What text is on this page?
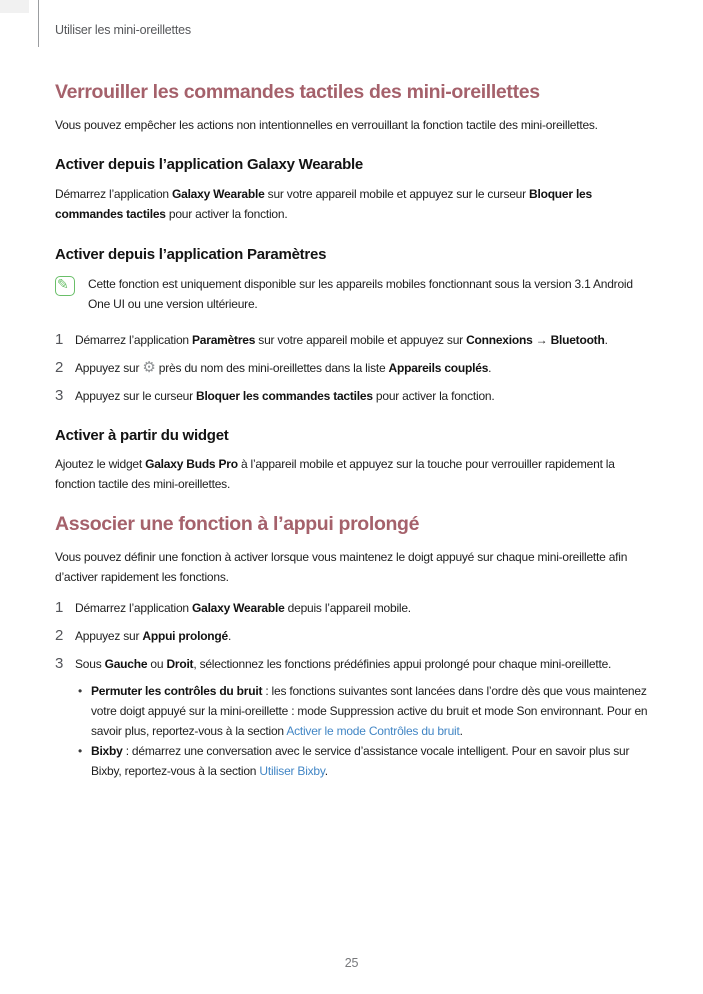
Utiliser les mini-oreillettes
Verrouiller les commandes tactiles des mini-oreillettes

Vous pouvez empêcher les actions non intentionnelles en verrouillant la fonction tactile des mini-oreillettes.

Activer depuis l’application Galaxy Wearable

Démarrez l’application Galaxy Wearable sur votre appareil mobile et appuyez sur le curseur Bloquer les commandes tactiles pour activer la fonction.

Activer depuis l’application Paramètres
✎
Cette fonction est uniquement disponible sur les appareils mobiles fonctionnant sous la version 3.1 Android One UI ou une version ultérieure.
1 Démarrez l’application Paramètres sur votre appareil mobile et appuyez sur Connexions → Bluetooth.
2 Appuyez sur ⚙ près du nom des mini-oreillettes dans la liste Appareils couplés.
3 Appuyez sur le curseur Bloquer les commandes tactiles pour activer la fonction.
Activer à partir du widget

Ajoutez le widget Galaxy Buds Pro à l’appareil mobile et appuyez sur la touche pour verrouiller rapidement la fonction tactile des mini-oreillettes.

Associer une fonction à l’appui prolongé

Vous pouvez définir une fonction à activer lorsque vous maintenez le doigt appuyé sur chaque mini-oreillette afin d’activer rapidement les fonctions.

1 Démarrez l’application Galaxy Wearable depuis l’appareil mobile.
2 Appuyez sur Appui prolongé.
3 Sous Gauche ou Droit, sélectionnez les fonctions prédéfinies appui prolongé pour chaque mini-oreillette.
• Permuter les contrôles du bruit : les fonctions suivantes sont lancées dans l’ordre dès que vous maintenez votre doigt appuyé sur la mini-oreillette : mode Suppression active du bruit et mode Son environnant. Pour en savoir plus, reportez-vous à la section Activer le mode Contrôles du bruit.
• Bixby : démarrez une conversation avec le service d’assistance vocale intelligent. Pour en savoir plus sur Bixby, reportez-vous à la section Utiliser Bixby.
25
